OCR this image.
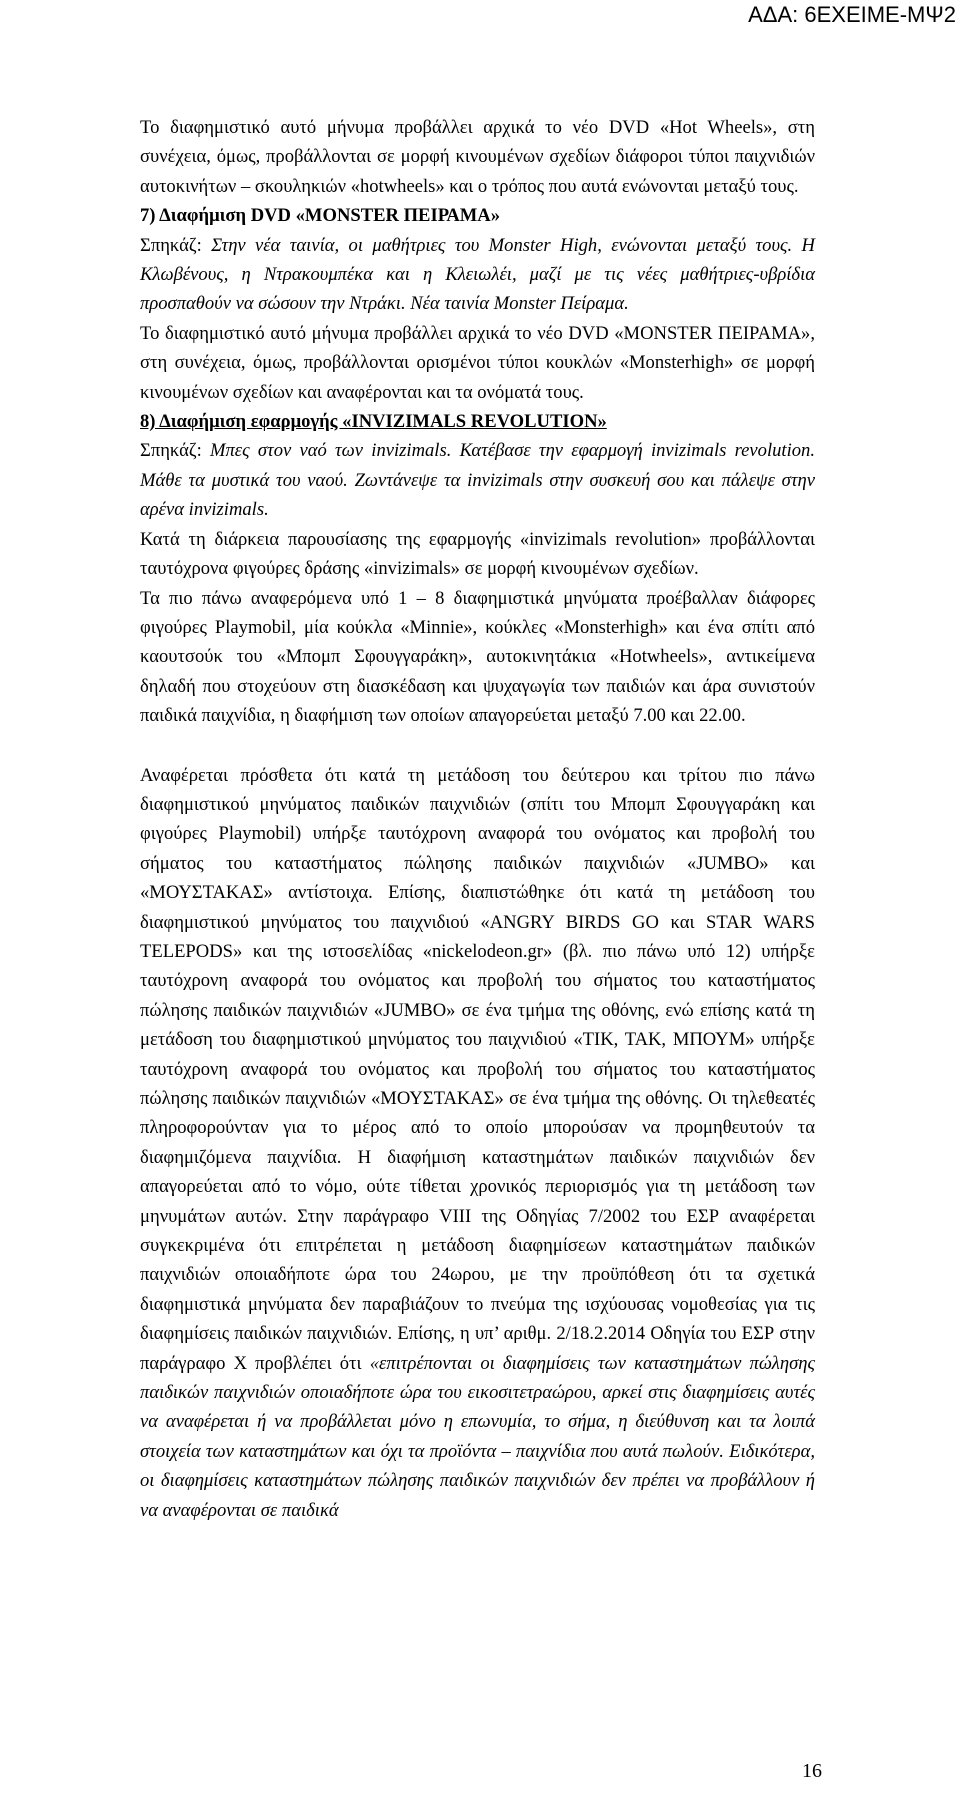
ΑΔΑ: 6ΕΧΕΙΜΕ-ΜΨ2

Το διαφημιστικό αυτό μήνυμα προβάλλει αρχικά το νέο DVD «Hot Wheels», στη συνέχεια, όμως, προβάλλονται σε μορφή κινουμένων σχεδίων διάφοροι τύποι παιχνιδιών αυτοκινήτων – σκουληκιών «hotwheels» και ο τρόπος που αυτά ενώνονται μεταξύ τους.

7) Διαφήμιση DVD «MONSTER ΠΕΙΡΑΜΑ»

Σπηκάζ: Στην νέα ταινία, οι μαθήτριες του Monster High, ενώνονται μεταξύ τους. Η Κλωβένους, η Ντρακουμπέκα και η Κλειωλέι, μαζί με τις νέες μαθήτριες-υβρίδια προσπαθούν να σώσουν την Ντράκι. Νέα ταινία Monster Πείραμα.

Το διαφημιστικό αυτό μήνυμα προβάλλει αρχικά το νέο DVD «MONSTER ΠΕΙΡΑΜΑ», στη συνέχεια, όμως, προβάλλονται ορισμένοι τύποι κουκλών «Monsterhigh» σε μορφή κινουμένων σχεδίων και αναφέρονται και τα ονόματά τους.

8) Διαφήμιση εφαρμογής «INVIZIMALS REVOLUTION»

Σπηκάζ: Μπες στον ναό των invizimals. Κατέβασε την εφαρμογή invizimals revolution. Μάθε τα μυστικά του ναού. Ζωντάνεψε τα invizimals στην συσκευή σου και πάλεψε στην αρένα invizimals.

Κατά τη διάρκεια παρουσίασης της εφαρμογής «invizimals revolution» προβάλλονται ταυτόχρονα φιγούρες δράσης «invizimals» σε μορφή κινουμένων σχεδίων.

Τα πιο πάνω αναφερόμενα υπό 1 – 8 διαφημιστικά μηνύματα προέβαλλαν διάφορες φιγούρες Playmobil, μία κούκλα «Minnie», κούκλες «Monsterhigh» και ένα σπίτι από καουτσούκ του «Μπομπ Σφουγγαράκη», αυτοκινητάκια «Hotwheels», αντικείμενα δηλαδή που στοχεύουν στη διασκέδαση και ψυχαγωγία των παιδιών και άρα συνιστούν παιδικά παιχνίδια, η διαφήμιση των οποίων απαγορεύεται μεταξύ 7.00 και 22.00.

Αναφέρεται πρόσθετα ότι κατά τη μετάδοση του δεύτερου και τρίτου πιο πάνω διαφημιστικού μηνύματος παιδικών παιχνιδιών (σπίτι του Μπομπ Σφουγγαράκη και φιγούρες Playmobil) υπήρξε ταυτόχρονη αναφορά του ονόματος και προβολή του σήματος του καταστήματος πώλησης παιδικών παιχνιδιών «JUMBO» και «ΜΟΥΣΤΑΚΑΣ» αντίστοιχα. Επίσης, διαπιστώθηκε ότι κατά τη μετάδοση του διαφημιστικού μηνύματος του παιχνιδιού «ANGRY BIRDS GO και STAR WARS TELEPODS» και της ιστοσελίδας «nickelodeon.gr» (βλ. πιο πάνω υπό 12) υπήρξε ταυτόχρονη αναφορά του ονόματος και προβολή του σήματος του καταστήματος πώλησης παιδικών παιχνιδιών «JUMBO» σε ένα τμήμα της οθόνης, ενώ επίσης κατά τη μετάδοση του διαφημιστικού μηνύματος του παιχνιδιού «ΤΙΚ, ΤΑΚ, ΜΠΟΥΜ» υπήρξε ταυτόχρονη αναφορά του ονόματος και προβολή του σήματος του καταστήματος πώλησης παιδικών παιχνιδιών «ΜΟΥΣΤΑΚΑΣ» σε ένα τμήμα της οθόνης. Οι τηλεθεατές πληροφορούνταν για το μέρος από το οποίο μπορούσαν να προμηθευτούν τα διαφημιζόμενα παιχνίδια. Η διαφήμιση καταστημάτων παιδικών παιχνιδιών δεν απαγορεύεται από το νόμο, ούτε τίθεται χρονικός περιορισμός για τη μετάδοση των μηνυμάτων αυτών. Στην παράγραφο VIII της Οδηγίας 7/2002 του ΕΣΡ αναφέρεται συγκεκριμένα ότι επιτρέπεται η μετάδοση διαφημίσεων καταστημάτων παιδικών παιχνιδιών οποιαδήποτε ώρα του 24ωρου, με την προϋπόθεση ότι τα σχετικά διαφημιστικά μηνύματα δεν παραβιάζουν το πνεύμα της ισχύουσας νομοθεσίας για τις διαφημίσεις παιδικών παιχνιδιών. Επίσης, η υπ’ αριθμ. 2/18.2.2014 Οδηγία του ΕΣΡ στην παράγραφο Χ προβλέπει ότι «επιτρέπονται οι διαφημίσεις των καταστημάτων πώλησης παιδικών παιχνιδιών οποιαδήποτε ώρα του εικοσιτετραώρου, αρκεί στις διαφημίσεις αυτές να αναφέρεται ή να προβάλλεται μόνο η επωνυμία, το σήμα, η διεύθυνση και τα λοιπά στοιχεία των καταστημάτων και όχι τα προϊόντα – παιχνίδια που αυτά πωλούν. Ειδικότερα, οι διαφημίσεις καταστημάτων πώλησης παιδικών παιχνιδιών δεν πρέπει να προβάλλουν ή να αναφέρονται σε παιδικά

16
